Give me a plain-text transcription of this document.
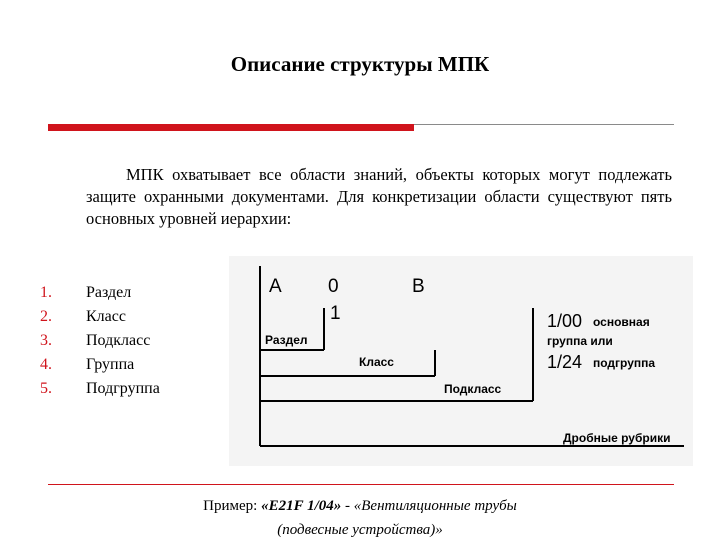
Описание структуры МПК

МПК охватывает все области знаний, объекты которых могут подлежать защите охранными документами. Для конкретизации области существуют пять основных уровней иерархии:

1.	Раздел
2.	Класс
3.	Подкласс
4.	Группа
5.	Подгруппа
A 0
1
B
1/00 основная
группа или
1/24 подгруппа
Раздел
Класс
Подкласс
Дробные рубрики
Пример: «E21F 1/04» - «Вентиляционные трубы
(подвесные устройства)»
